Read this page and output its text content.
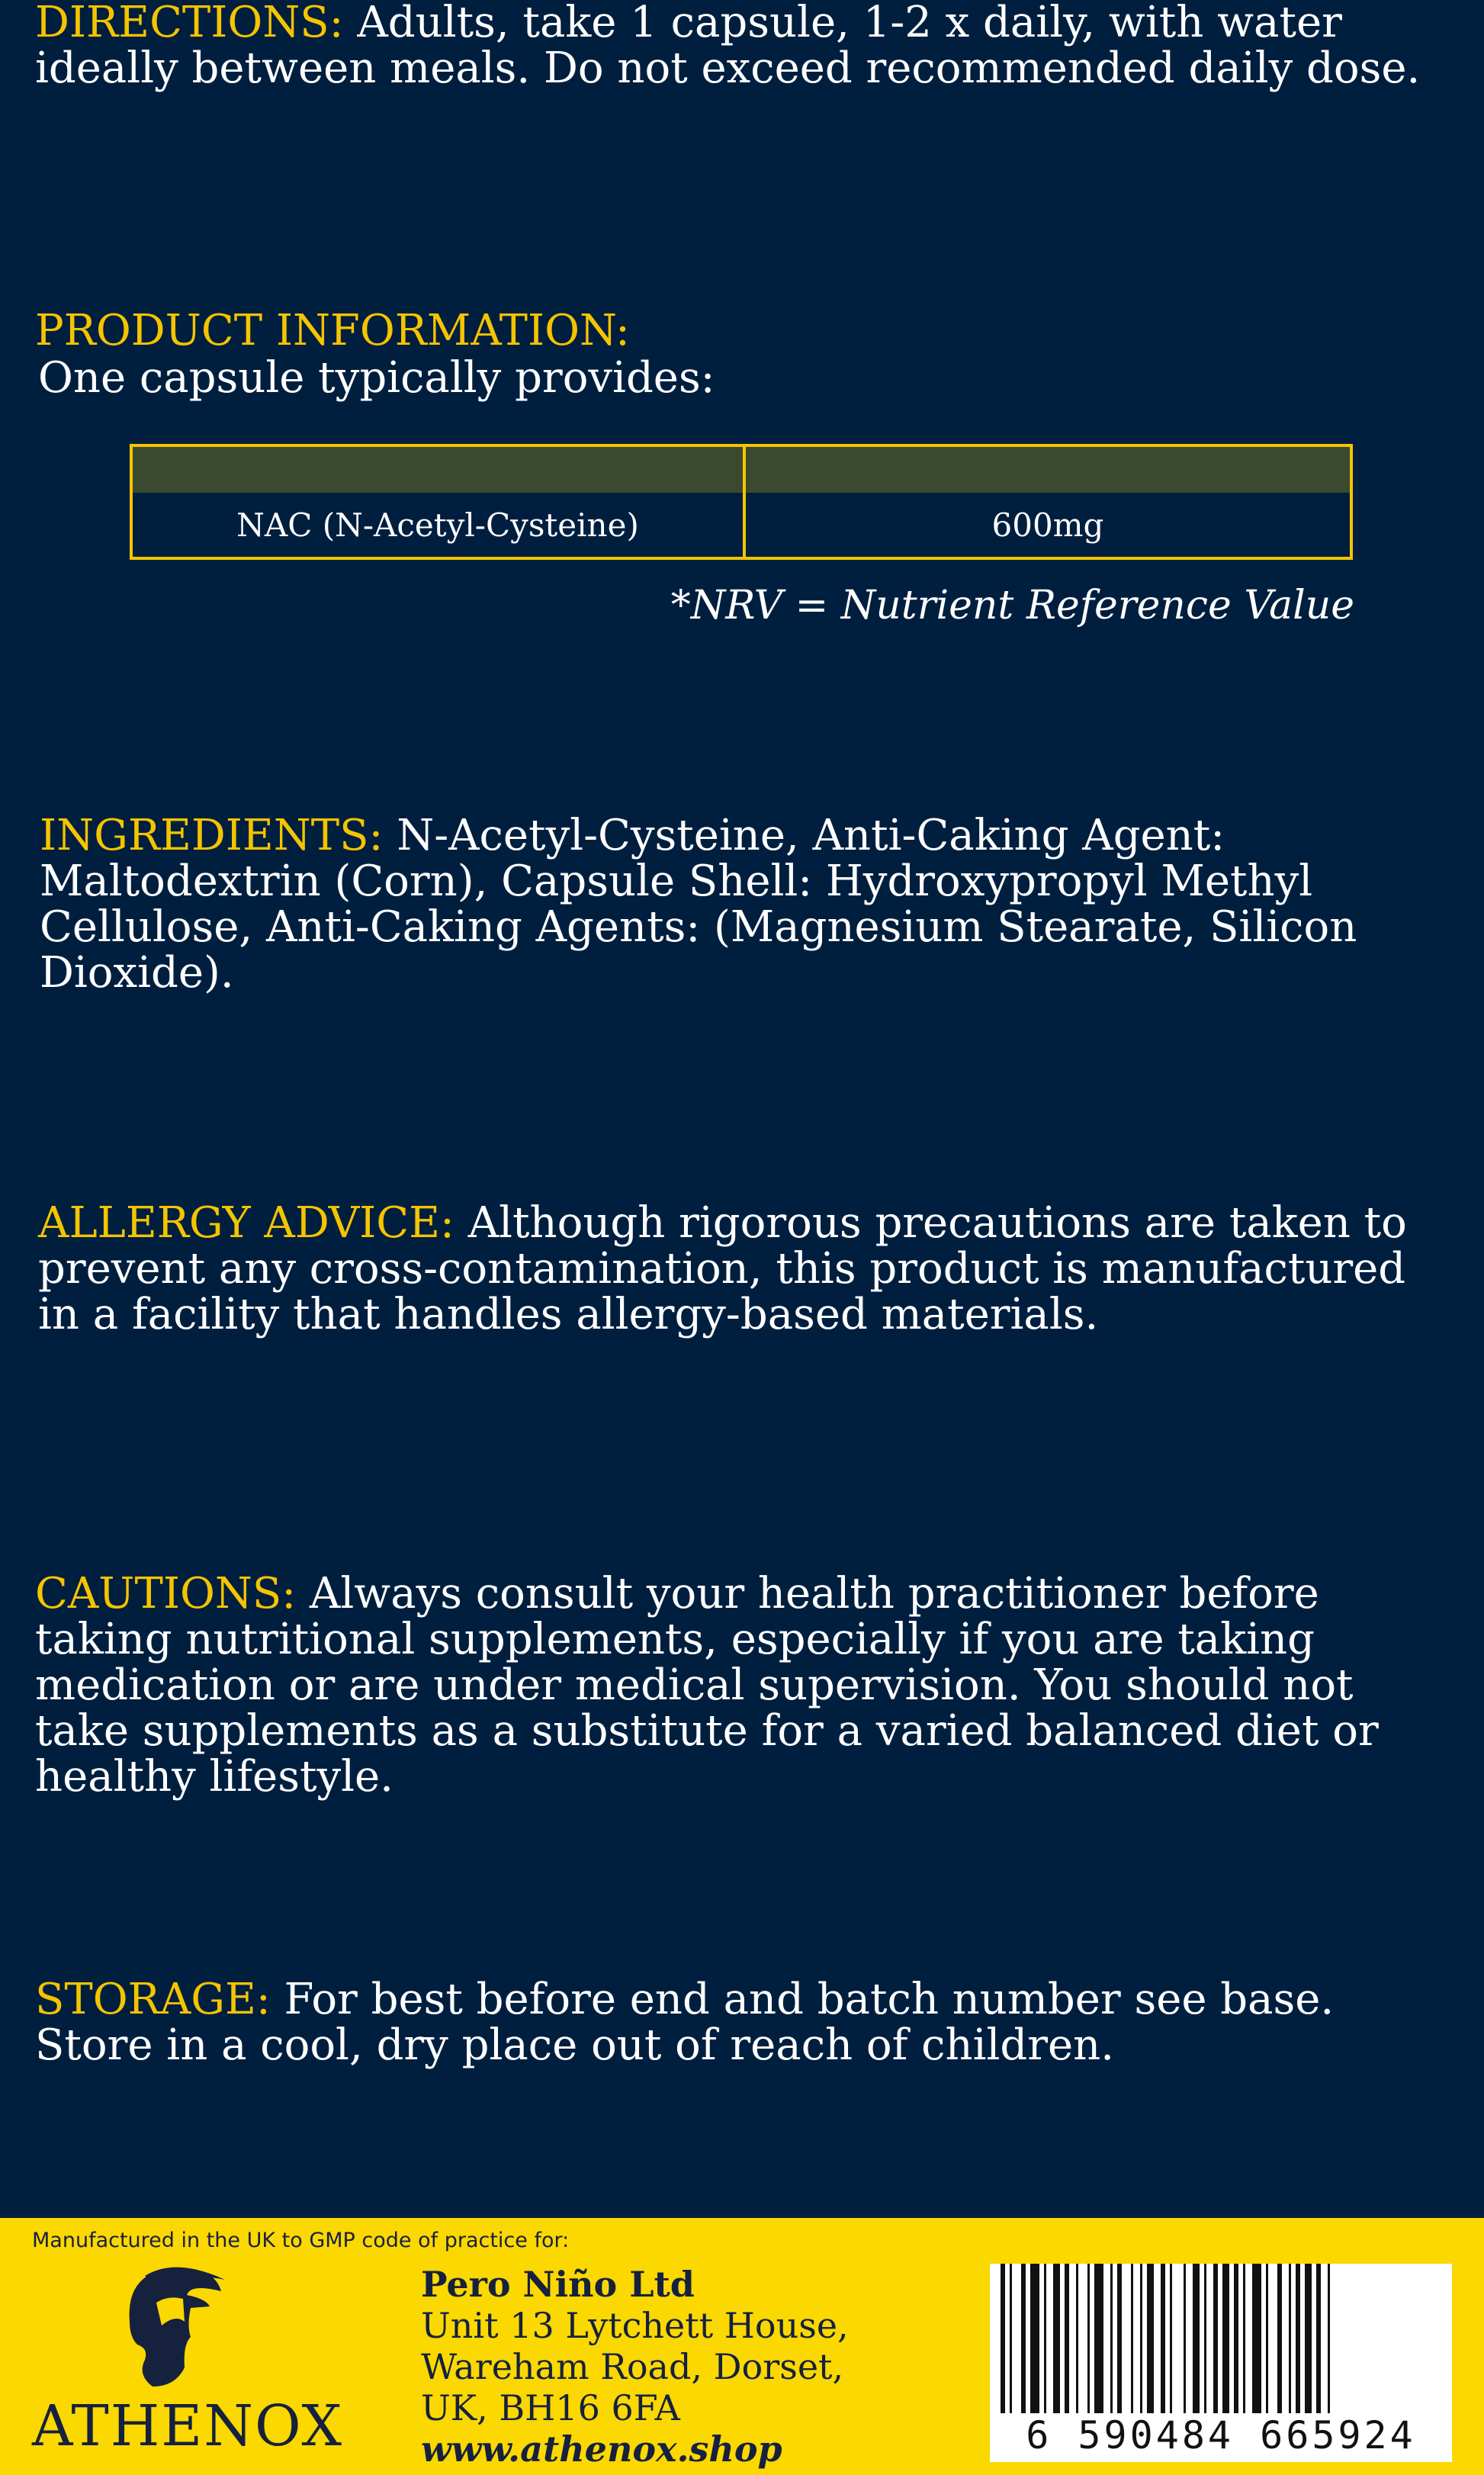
DIRECTIONS: Adults, take 1 capsule, 1-2 x daily, with water ideally between meals. Do not exceed recommended daily dose.
PRODUCT INFORMATION:
One capsule typically provides:
NAC (N-Acetyl-Cysteine)	600mg
*NRV = Nutrient Reference Value
INGREDIENTS: N-Acetyl-Cysteine, Anti-Caking Agent: Maltodextrin (Corn), Capsule Shell: Hydroxypropyl Methyl Cellulose, Anti-Caking Agents: (Magnesium Stearate, Silicon Dioxide).
ALLERGY ADVICE: Although rigorous precautions are taken to prevent any cross-contamination, this product is manufactured in a facility that handles allergy-based materials.
CAUTIONS: Always consult your health practitioner before taking nutritional supplements, especially if you are taking medication or are under medical supervision. You should not take supplements as a substitute for a varied balanced diet or healthy lifestyle.
STORAGE: For best before end and batch number see base.
Store in a cool, dry place out of reach of children.
Manufactured in the UK to GMP code of practice for:
ATHENOX
Pero Niño Ltd
Unit 13 Lytchett House,
Wareham Road, Dorset,
UK, BH16 6FA
www.athenox.shop	6 590484 665924
